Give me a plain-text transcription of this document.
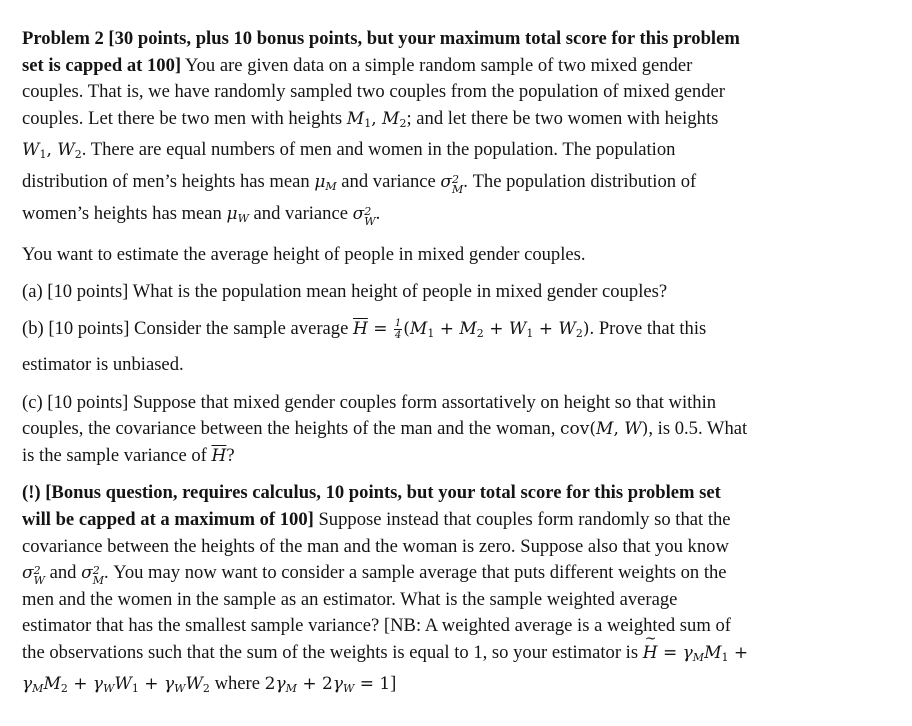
Problem 2 [30 points, plus 10 bonus points, but your maximum total score for this problem
set is capped at 100] You are given data on a simple random sample of two mixed gender
couples. That is, we have randomly sampled two couples from the population of mixed gender
couples. Let there be two men with heights $M_1$, $M_2$; and let there be two women with heights
$W_1$, $W_2$. There are equal numbers of men and women in the population. The population
distribution of men’s heights has mean μM and variance σ 2
M . The population distribution of
women’s heights has mean μW and variance σ 2
W .

You want to estimate the average height of people in mixed gender couples.

(a) [10 points] What is the population mean height of people in mixed gender couples?

(b) [10 points] Consider the sample average $\overline{H} = \frac{1}{4} (M_1 + M_2 + W_1 + W_2)$. Prove that this
estimator is unbiased.

(c) [10 points] Suppose that mixed gender couples form assortatively on height so that within
couples, the covariance between the heights of the man and the woman, cov(M, W), is 0.5. What
is the sample variance of $\overline{H}$?

(!) [Bonus question, requires calculus, 10 points, but your total score for this problem set
will be capped at a maximum of 100] Suppose instead that couples form randomly so that the
covariance between the heights of the man and the woman is zero. Suppose also that you know
σ 2
W and σ 2
M . You may now want to consider a sample average that puts different weights on the
men and the women in the sample as an estimator. What is the sample weighted average
estimator that has the smallest sample variance? [NB: A weighted average is a weighted sum of
the observations such that the sum of the weights is equal to 1, so your estimator is ~ H = γMM$_1$ +
γMM$_2$ + γWW$_1$ + γWW$_2$ where 2γM + 2γW = 1]
